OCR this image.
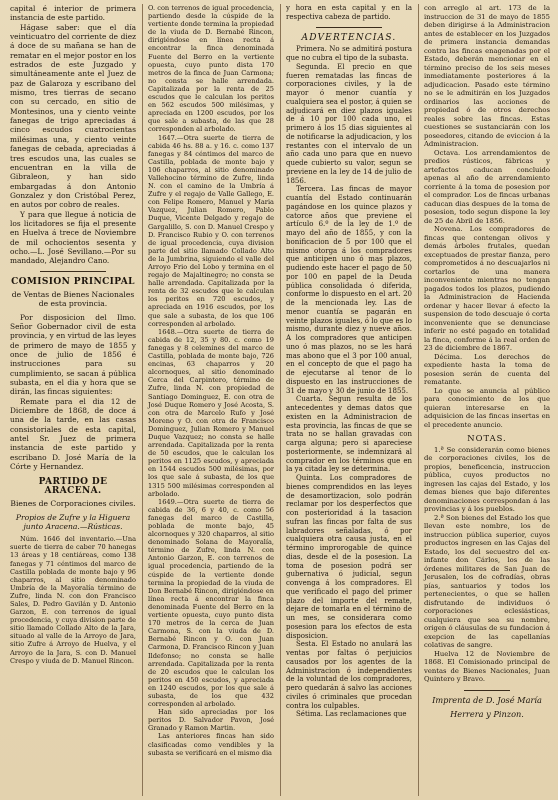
capital é interior de primera instancia de este partido.

Hágase saber: que el día veinticuatro del corriente de diez á doce de su mañana se han de rematar en el mejor postor en los estrados de este Juzgado y simultáneamente ante el Juez de paz de Galaroza y escribano del mismo, tres tierras de secano con su cercado, en sitio de Montesinos, una y ciento veinte fanegas de trigo apreciadas á cinco escudos cuatrocientas milésimas una, y ciento veinte fanegas de cebada, apreciadas á tres escudos una, las cuales se encuentran en la villa de Gibraleon, y han sido embargadas á don Antonio Gonzalez y don Cristóbal Perez, en autos por cobro de reales.

Y para que llegue á noticia de los licitadores se fija el presente en Huelva á trece de Noviembre de mil ochocientos sesenta y ocho.—L. José Sevillano.—Por su mandado, Alejandro Cano.

COMISION PRINCIPAL
de Ventas de Bienes Nacionales de esta provincia.

Por disposicion del Ilmo. Señor Gobernador civil de esta provincia, y en virtud de las leyes de primero de mayo de 1855 y once de julio de 1856 é instrucciones para su cumplimiento, se sacan á pública subasta, en el dia y hora que se dirán, las fincas siguientes:

Remate para el dia 12 de Diciembre de 1868, de doce á una de la tarde, en las casas consistoriales de esta capital, antel Sr. Juez de primera instancia de este partido y escribano D. José María de la Córte y Hernandez.

PARTIDO DE ARACENA.
Bienes de Corporaciones civiles.
Propios de Zufre y la Higuera junto Aracena.—Rústicas.

Núm. 1646 del inventario.—Una suerte de tierra de caber 70 hanegas 13 áreas y 18 centiáreas, como 138 fanegas y 71 céntimos del marco de Castilla poblada de monte bajo y 96 chaparros, al sitio denominado Umbría de la Mayoralía término de Zufre, linda N. con don Francisco Sales, D. Pedro Gavilán y D. Antonio Garzon, E. con terrenos de igual procedencia, y cuya division parte de sitio llamado Collado Alto de la Jara, situado al valle de la Arroyo de Jara, sitio Zufre á Arroyo de Huelva, y el Arroyo de la Jara, S. con D. Manuel Crespo y viuda de D. Manuel Rincon.

O. con terrenos de igual procedencia, partiendo desde la cúspide de la vertiente donde termina la propiedad de la viuda de D. Bernabé Rincon, dirigiéndose en línea recta á encontrar la finca denominada Fuente del Berro en la vertiente opuesta, cuyo punto dista 170 metros de la finca de Juan Carmona; no consta se halle arrendada. Capitalizada por la renta de 25 escudos que le calculan los peritos en 562 escudos 500 milésimas, y apreciada en 1200 escudos, por los que sale a subasta, de las que 28 corresponden al arbolado.

1647.—Otra suerte de tierra de cabida 46 hs. 88 a. y 16. c. como 137 fanegas y 84 céntimos del marco de Castilla, poblada de monte bajo y 106 chaparros, al sitio denominado Vallehocino término de Zufre, linda N. con el camino de la Umbría á Zufre y el regajo de Valle Gallego, E. con Felipe Romero, Manuel y Maria Vazquez, Julian Romero, Pablo Duque, Vicente Delgado y regajo de Gargalillo, S. con D. Manuel Crespo y D. Francisco Rubio y O. con terrenos de igual procedencia, cuya division parte del sitio llamado Collado Alto de la Jumbrina, siguiendo el valle del Arroyo Frio del Lobo y termina en el regajo de Majaltinegro; no consta se halle arrendada. Capitalizada por la renta de 32 escudos que le calculan los peritos en 720 escudos, y apreciada en 1916 escudos, por los que sale a subasta, de los que 106 corresponden al arbolado.

1648.—Otra suerte de tierra de cabida de 12, 35 y 80. c. como 19 fanegas y 8 celemines del marco de Castilla, poblada de monte bajo, 726 encinas, 63 chaparros y 20 alcornoques, al sitio denominado Cerca del Carpintero, término de Zufre, linda N. con propiedad de Santiago Dominguez, E. con otra de José Duque Romero y José Acosta, S. con otra de Marcelo Rufo y José Moreno y O. con otra de Francisco Dominguez, Julian Romero y Manuel Duque Vazquez; no consta se halle arrendada. Capitalizada por la renta de 50 escudos, que le calculan los peritos en 1125 escudos, y apreciada en 1544 escudos 500 milésimas, por los que sale á subasta, de los que 1315 500 milésimas corresponden al arbolado.

1649.—Otra suerte de tierra de cabida de 36, 6 y 40, c. como 56 fanegas del marco de Castilla, poblada de monte bajo, 45 alcornoques y 320 chaparros, al sitio denominado Solana de Mayoralía, término de Zufre, linda N. con Antonio Garzon, E. con terrenos de igual procedencia, partiendo de la cúspide de la vertiente donde termina la propiedad de la viuda de Don Bernabé Rincon, dirigiéndose en línea recta á encontrar la finca denominada Fuente del Berro en la vertiente opuesta, cuyo punto dista 170 metros de la cerca de Juan Carmona, S. con la viuda de D. Bernabé Rincon y O. con Juan Carmona, D. Francisco Rincon y Juan Ildefonso; no consta se halle arrendada. Capitalizada por la renta de 20 escudos que le calculan los peritos en 450 escudos, y apreciada en 1240 escudos, por los que sale á subasta, de los que 432 corresponden al arbolado.

Han sido apreciadas por los peritos D. Salvador Pavon, José Granado y Ramon Martin.

Las anteriores fincas han sido clasificadas como vendibles y la subasta se verificará en el mismo dia

y hora en esta capital y en la respectiva cabeza de partido.

ADVERTENCIAS.

Primera. No se admitirá postura que no cubra el tipo de la subasta.

Segunda. El precio en que fueren rematadas las fincas de corporaciones civiles, y la de mayor ó menor cuantía y cualquiera sea el postor, á quien se adjudicará en diez plazos iguales de á 10 por 100 cada uno, el primero á los 15 dias siguientes al de notificarse la adjudicacion, y los restantes con el intervalo de un año cada uno para que en nuevo quede cubierto su valor, segun se previene en la ley de 14 de julio de 1856.

Tercera. Las fincas de mayor cuantía del Estado continuarán pagándose en los quince plazos y catorce años que previene el artículo 6.º de la ley de 1.º de mayo del año de 1855, y con la bonificacion de 5 por 100 que el mismo otorga á los compradores que anticipen uno ó mas plazos, pudiendo este hacer el pago de 50 por 100 en papel de la Deuda pública consolidada ó diferida, conforme lo dispuesto en el art. 20 de la mencionada ley. Las de menor cuantía se pagarán en veinte plazos iguales, ó lo que es lo mismo, durante diez y nueve años. A los compradores que anticipen uno ó mas plazos, no se les hará mas abono que el 3 por 100 anual, en el concepto de que el pago ha de ejecutarse al tenor de lo dispuesto en las instrucciones de 31 de mayo y 30 de junio de 1855.

Cuarta. Segun resulta de los antecedentes y demas datos que existen en la Administracion de esta provincia, las fincas de que se trata no se hallan gravadas con carga alguna; pero si apareciese posteriormente, se indemnizará al comprador en los términos que en la ya citada ley se determina.

Quinta. Los compradores de bienes comprendidos en las leyes de desamortizacion, solo podrán reclamar por los desperfectos que con posterioridad á la tasacion sufran las fincas por falta de sus labradores señaladas, ó por cualquiera otra causa justa, en el término improrogable de quince dias, desde el de la posesion. La toma de posesion podrá ser gubernativa ó judicial, segun convenga á los compradores. El que verificado el pago del primer plazo del importe del remate, dejare de tomarla en el término de un mes, se considerara como posesion para los efectos de esta disposicion.

Sesta. El Estado no anulará las ventas por faltas ó perjuicios causados por los agentes de la Administracion ó independientes de la voluntad de los compradores, pero quedarán á salvo las acciones civiles ó criminales que procedan contra los culpables.

Sétima. Las reclamaciones que

con arreglo al art. 173 de la instruccion de 31 de mayo de 1855 deben dirigirse á la Administracion antes de establecer en los Juzgados de primera instancia demandas contra las fincas enagenadas por el Estado, deberán mencionar en el término preciso de los seis meses inmediatamente posteriores á la adjudicacion. Pasado este término no se le admitirán en los Juzgados ordinarios las acciones de propiedad ó de otros derechos reales sobre las fincas. Estas cuestiones se sustanciarán con los poseedores, citando de eviccion á la Administracion.

Octava. Los arrendamientos de predios rústicos, fábricas y artefactos caducan concluido apenas al año de arrendamiento corriente á la toma de posesion por el comprador. Los de fincas urbanas caducan dias despues de la toma de posesion, todo segun dispone la ley de 25 de Abril de 1856.

Novena. Los compradores de fincas que contengan olivos y demás árboles frutales, quedan exceptuados de prestar fianza, pero comprometidos á no descuajarlos ni cortarlos de una manera inconveniente mientras no tengan pagados todos los plazos, pudiendo la Administracion de Hacienda ordenar y hacer llevar á efecto la suspension de todo descuaje ó corta inconveniente que se denunciase inferir no esté pagado en totalidad la finca, conforme á la real orden de 23 de diciembre de 1867.

Décima. Los derechos de expediente hasta la toma de posesion serán de cuenta del rematante.

Lo que se anuncia al público para conocimiento de los que quieran interesarse en la adquisicion de las fincas insertas en el precedente anuncio.

NOTAS.

1.ª Se considerarán como bienes de corporaciones civiles, los de propios, beneficencia, instruccion pública, cuyos productos no ingresen las cajas del Estado, y los demas bienes que bajo diferentes denominaciones correspondan á las provincias y á los pueblos.

2.ª Son bienes del Estado los que llevan este nombre, los de instruccion pública superior, cuyos productos ingresen en las Cajas del Estado, los del secuestro del ex-infante don Cárlos, los de las órdenes militares de San Juan de Jerusalen, los de cofradías, obras pías, santuarios y todos los pertenecientes, o que se hallen disfrutando de individuos ó corporaciones eclesiásticas, cualquiera que sea su nombre, origen ó cláusulas de su fundacion á exepcion de las capellanías colativas de sangre.

Huelva 12 de Noviembre de 1868. El Comisionado principal de ventas de Bienes Nacionales, Juan Quintero y Bravo.

Imprenta de D. José María
Herrera y Pinzon.
